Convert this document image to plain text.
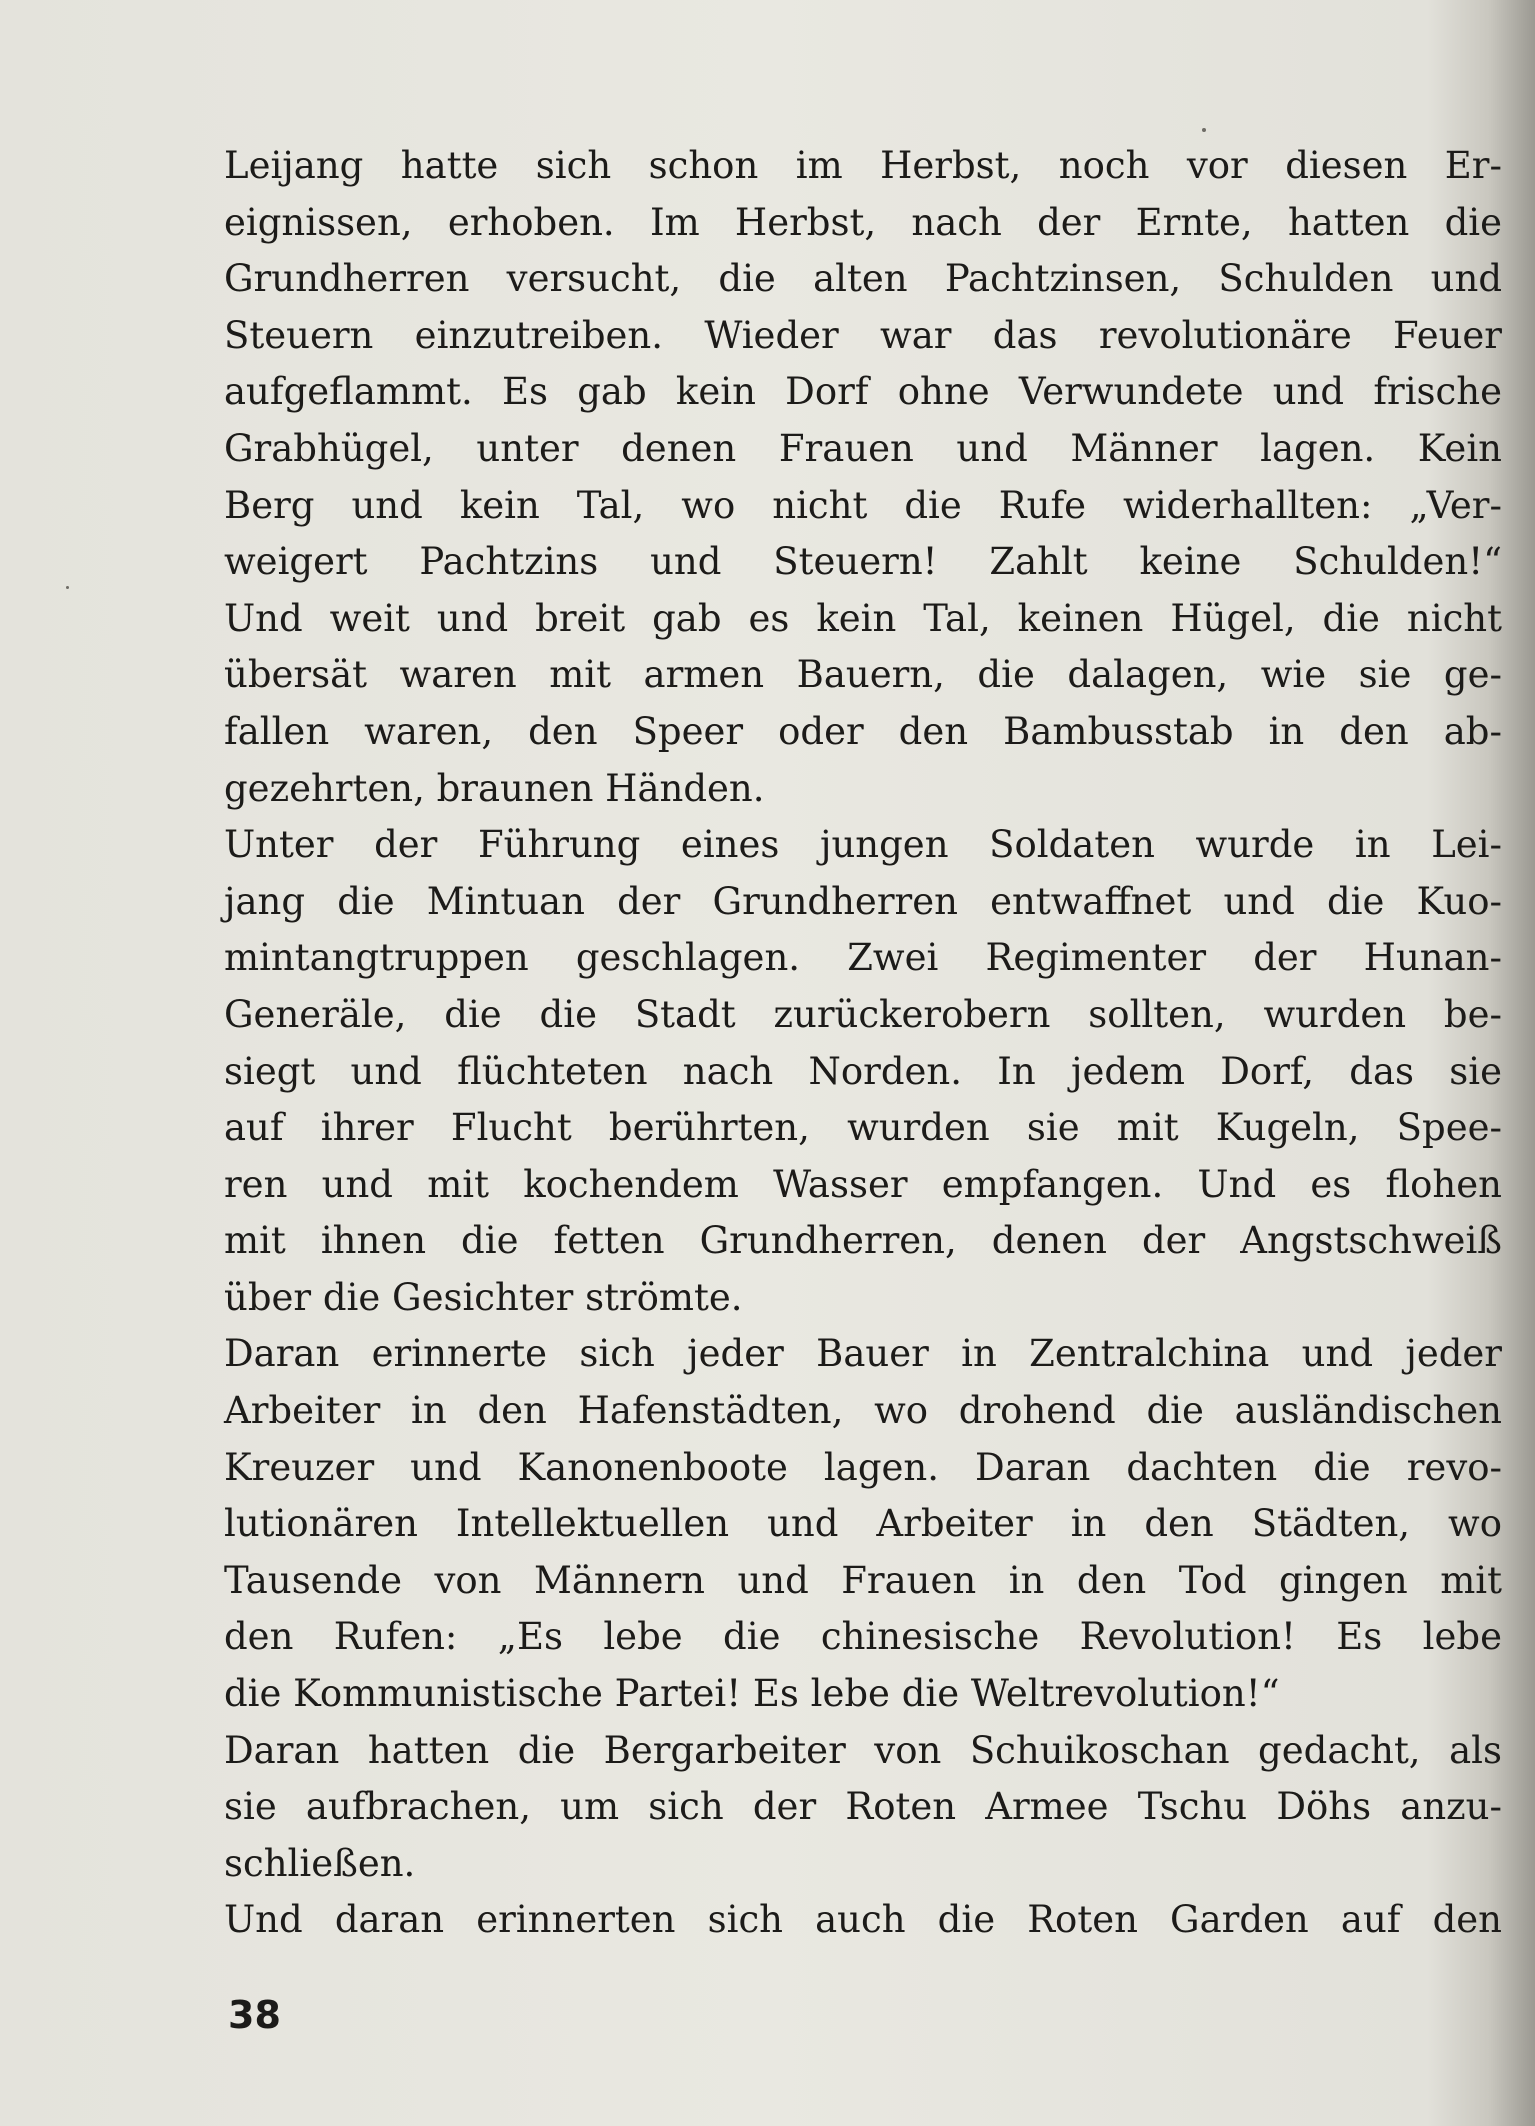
Leijang hatte sich schon im Herbst, noch vor diesen Er-
eignissen, erhoben. Im Herbst, nach der Ernte, hatten die
Grundherren versucht, die alten Pachtzinsen, Schulden und
Steuern einzutreiben. Wieder war das revolutionäre Feuer
aufgeflammt. Es gab kein Dorf ohne Verwundete und frische
Grabhügel, unter denen Frauen und Männer lagen. Kein
Berg und kein Tal, wo nicht die Rufe widerhallten: „Ver-
weigert Pachtzins und Steuern! Zahlt keine Schulden!“
Und weit und breit gab es kein Tal, keinen Hügel, die nicht
übersät waren mit armen Bauern, die dalagen, wie sie ge-
fallen waren, den Speer oder den Bambusstab in den ab-
gezehrten, braunen Händen.
Unter der Führung eines jungen Soldaten wurde in Lei-
jang die Mintuan der Grundherren entwaffnet und die Kuo-
mintangtruppen geschlagen. Zwei Regimenter der Hunan-
Generäle, die die Stadt zurückerobern sollten, wurden be-
siegt und flüchteten nach Norden. In jedem Dorf, das sie
auf ihrer Flucht berührten, wurden sie mit Kugeln, Spee-
ren und mit kochendem Wasser empfangen. Und es flohen
mit ihnen die fetten Grundherren, denen der Angstschweiß
über die Gesichter strömte.
Daran erinnerte sich jeder Bauer in Zentralchina und jeder
Arbeiter in den Hafenstädten, wo drohend die ausländischen
Kreuzer und Kanonenboote lagen. Daran dachten die revo-
lutionären Intellektuellen und Arbeiter in den Städten, wo
Tausende von Männern und Frauen in den Tod gingen mit
den Rufen: „Es lebe die chinesische Revolution! Es lebe
die Kommunistische Partei! Es lebe die Weltrevolution!“
Daran hatten die Bergarbeiter von Schuikoschan gedacht, als
sie aufbrachen, um sich der Roten Armee Tschu Döhs anzu-
schließen.
Und daran erinnerten sich auch die Roten Garden auf den
38
